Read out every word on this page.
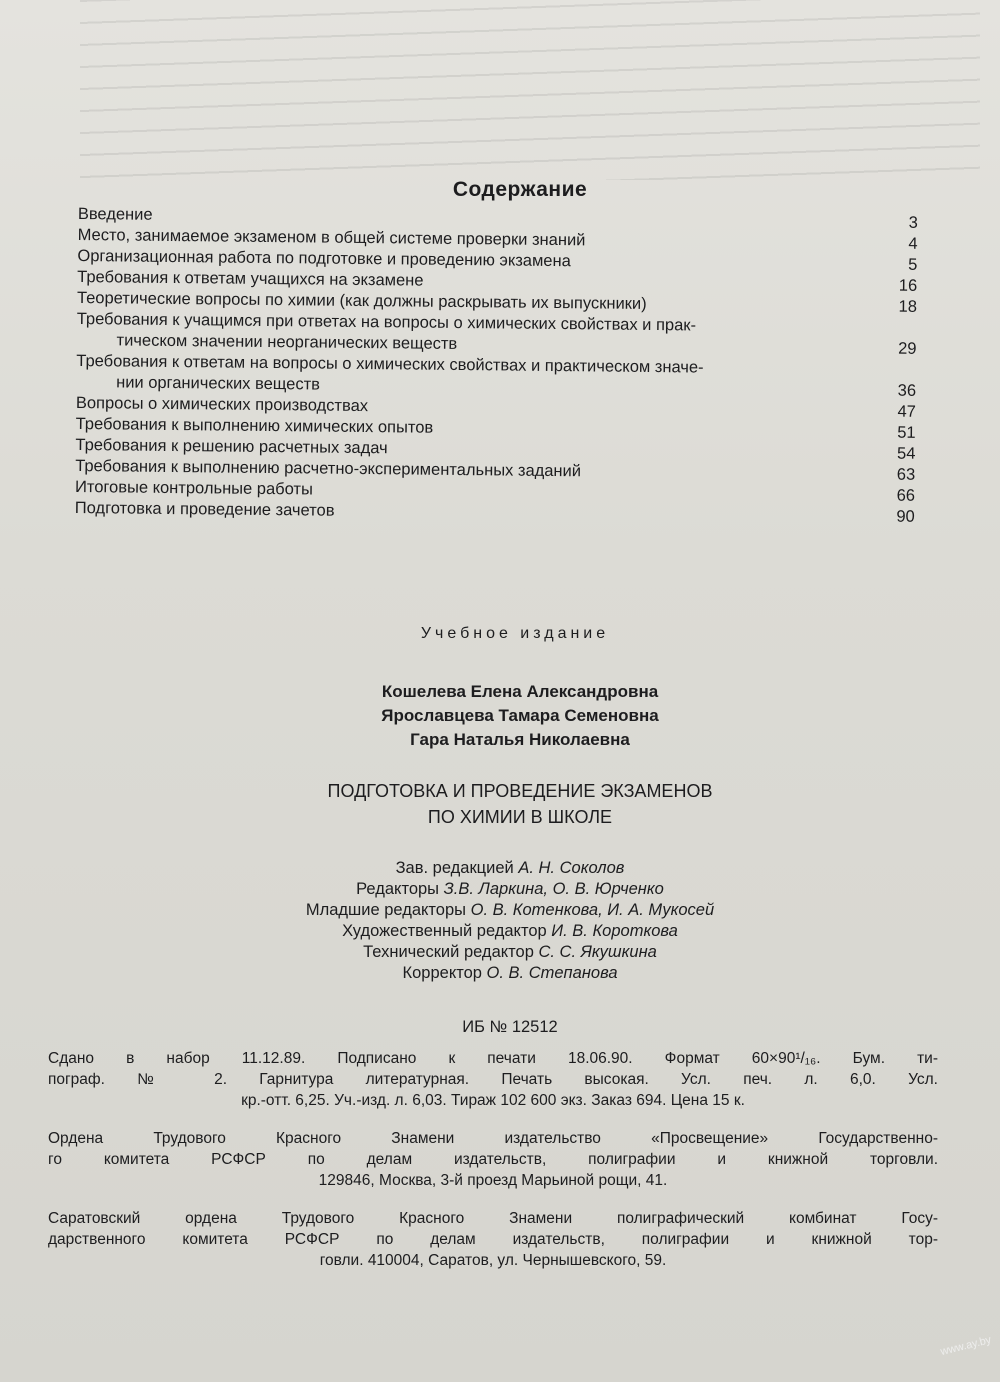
Содержание
Введение	3
Место, занимаемое экзаменом в общей системе проверки знаний	4
Организационная работа по подготовке и проведению экзамена	5
Требования к ответам учащихся на экзамене	16
Теоретические вопросы по химии (как должны раскрывать их выпускники)	18
Требования к учащимся при ответах на вопросы о химических свойствах и прак-
тическом значении неорганических веществ	29
Требования к ответам на вопросы о химических свойствах и практическом значе-
нии органических веществ	36
Вопросы о химических производствах	47
Требования к выполнению химических опытов	51
Требования к решению расчетных задач	54
Требования к выполнению расчетно-экспериментальных заданий	63
Итоговые контрольные работы	66
Подготовка и проведение зачетов	90
Учебное издание
Кошелева Елена Александровна
Ярославцева Тамара Семеновна
Гара Наталья Николаевна
ПОДГОТОВКА И ПРОВЕДЕНИЕ ЭКЗАМЕНОВ
ПО ХИМИИ В ШКОЛЕ
Зав. редакцией А. Н. Соколов
Редакторы З.В. Ларкина, О. В. Юрченко
Младшие редакторы О. В. Котенкова, И. А. Мукосей
Художественный редактор И. В. Короткова
Технический редактор С. С. Якушкина
Корректор О. В. Степанова
ИБ № 12512
Сдано в набор 11.12.89. Подписано к печати 18.06.90. Формат 60×90¹/₁₆. Бум. ти-
пограф. № 2. Гарнитура литературная. Печать высокая. Усл. печ. л. 6,0. Усл.
кр.-отт. 6,25. Уч.-изд. л. 6,03. Тираж 102 600 экз. Заказ 694. Цена 15 к.
Ордена Трудового Красного Знамени издательство «Просвещение» Государственно-
го комитета РСФСР по делам издательств, полиграфии и книжной торговли.
129846, Москва, 3-й проезд Марьиной рощи, 41.
Саратовский ордена Трудового Красного Знамени полиграфический комбинат Госу-
дарственного комитета РСФСР по делам издательств, полиграфии и книжной тор-
говли. 410004, Саратов, ул. Чернышевского, 59.
www.ay.by
